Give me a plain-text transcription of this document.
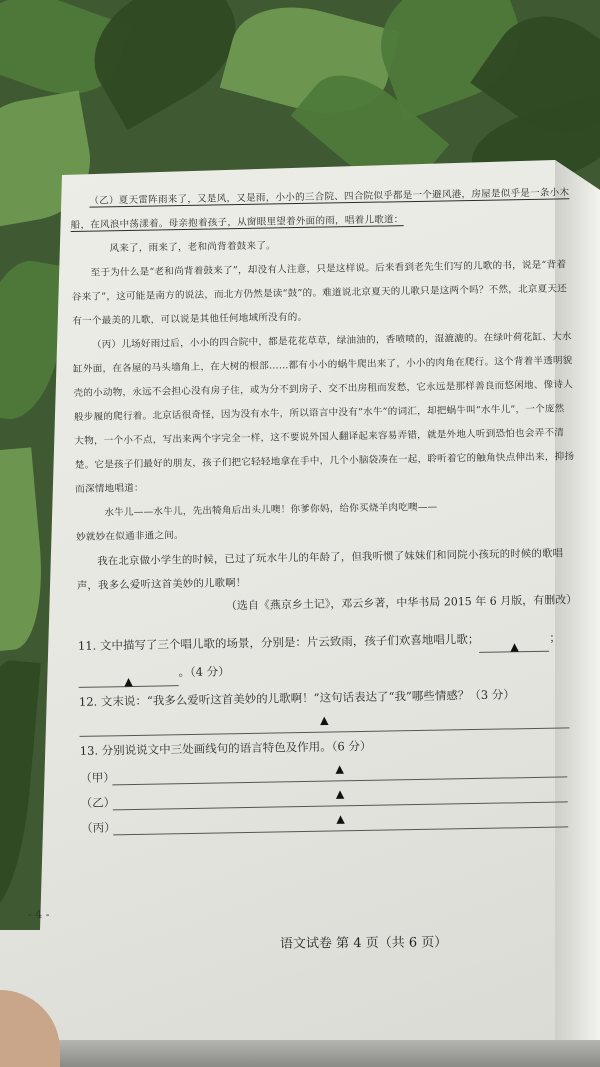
（乙）夏天雷阵雨来了，又是风，又是雨，小小的三合院、四合院似乎都是一个避风港，房屋是似乎是一条小木船，在风浪中荡漾着。母亲抱着孩子，从窗眼里望着外面的雨，唱着儿歌道：

风来了，雨来了，老和尚背着鼓来了。

至于为什么是“老和尚背着鼓来了”，却没有人注意，只是这样说。后来看到老先生们写的儿歌的书，说是“背着谷来了”，这可能是南方的说法，而北方仍然是读“鼓”的。难道说北京夏天的儿歌只是这两个吗？不然，北京夏天还有一个最美的儿歌，可以说是其他任何地域所没有的。

（丙）儿场好雨过后，小小的四合院中，都是花花草草，绿油油的，香喷喷的，湿漉漉的。在绿叶荷花缸、大水缸外面，在各屋的马头墙角上，在大树的根部……都有小小的蜗牛爬出来了，小小的肉角在爬行。这个背着半透明貌壳的小动物，永远不会担心没有房子住，或为分不到房子、交不出房租而发愁，它永远是那样善良而悠闲地、像诗人般步履的爬行着。北京话很奇怪，因为没有水牛，所以语言中没有“水牛”的词汇，却把蜗牛叫“水牛儿”，一个庞然大物，一个小不点，写出来两个字完全一样，这不要说外国人翻译起来容易弄错，就是外地人听到恐怕也会弄不清楚。它是孩子们最好的朋友，孩子们把它轻轻地拿在手中，几个小脑袋凑在一起，聆听着它的触角快点伸出来，抑扬而深情地唱道：

水牛儿——水牛儿，先出犄角后出头儿噢！你爹你妈，给你买烧羊肉吃噢——

妙就妙在似通非通之间。

我在北京做小学生的时候，已过了玩水牛儿的年龄了，但我听惯了妹妹们和同院小孩玩的时候的歌唱声，我多么爱听这首美妙的儿歌啊！

（选自《燕京乡土记》，邓云乡著，中华书局 2015 年 6 月版，有删改）

11. 文中描写了三个唱儿歌的场景，分别是：片云致雨，孩子们欢喜地唱儿歌；	▲
；

▲
。（4 分）

12. 文末说：“我多么爱听这首美妙的儿歌啊！”这句话表达了“我”哪些情感？（3 分）

▲

13. 分别说说文中三处画线句的语言特色及作用。（6 分）

（甲）
▲
（乙）
▲
（丙）
▲
- 4 -
语文试卷 第 4 页（共 6 页）
